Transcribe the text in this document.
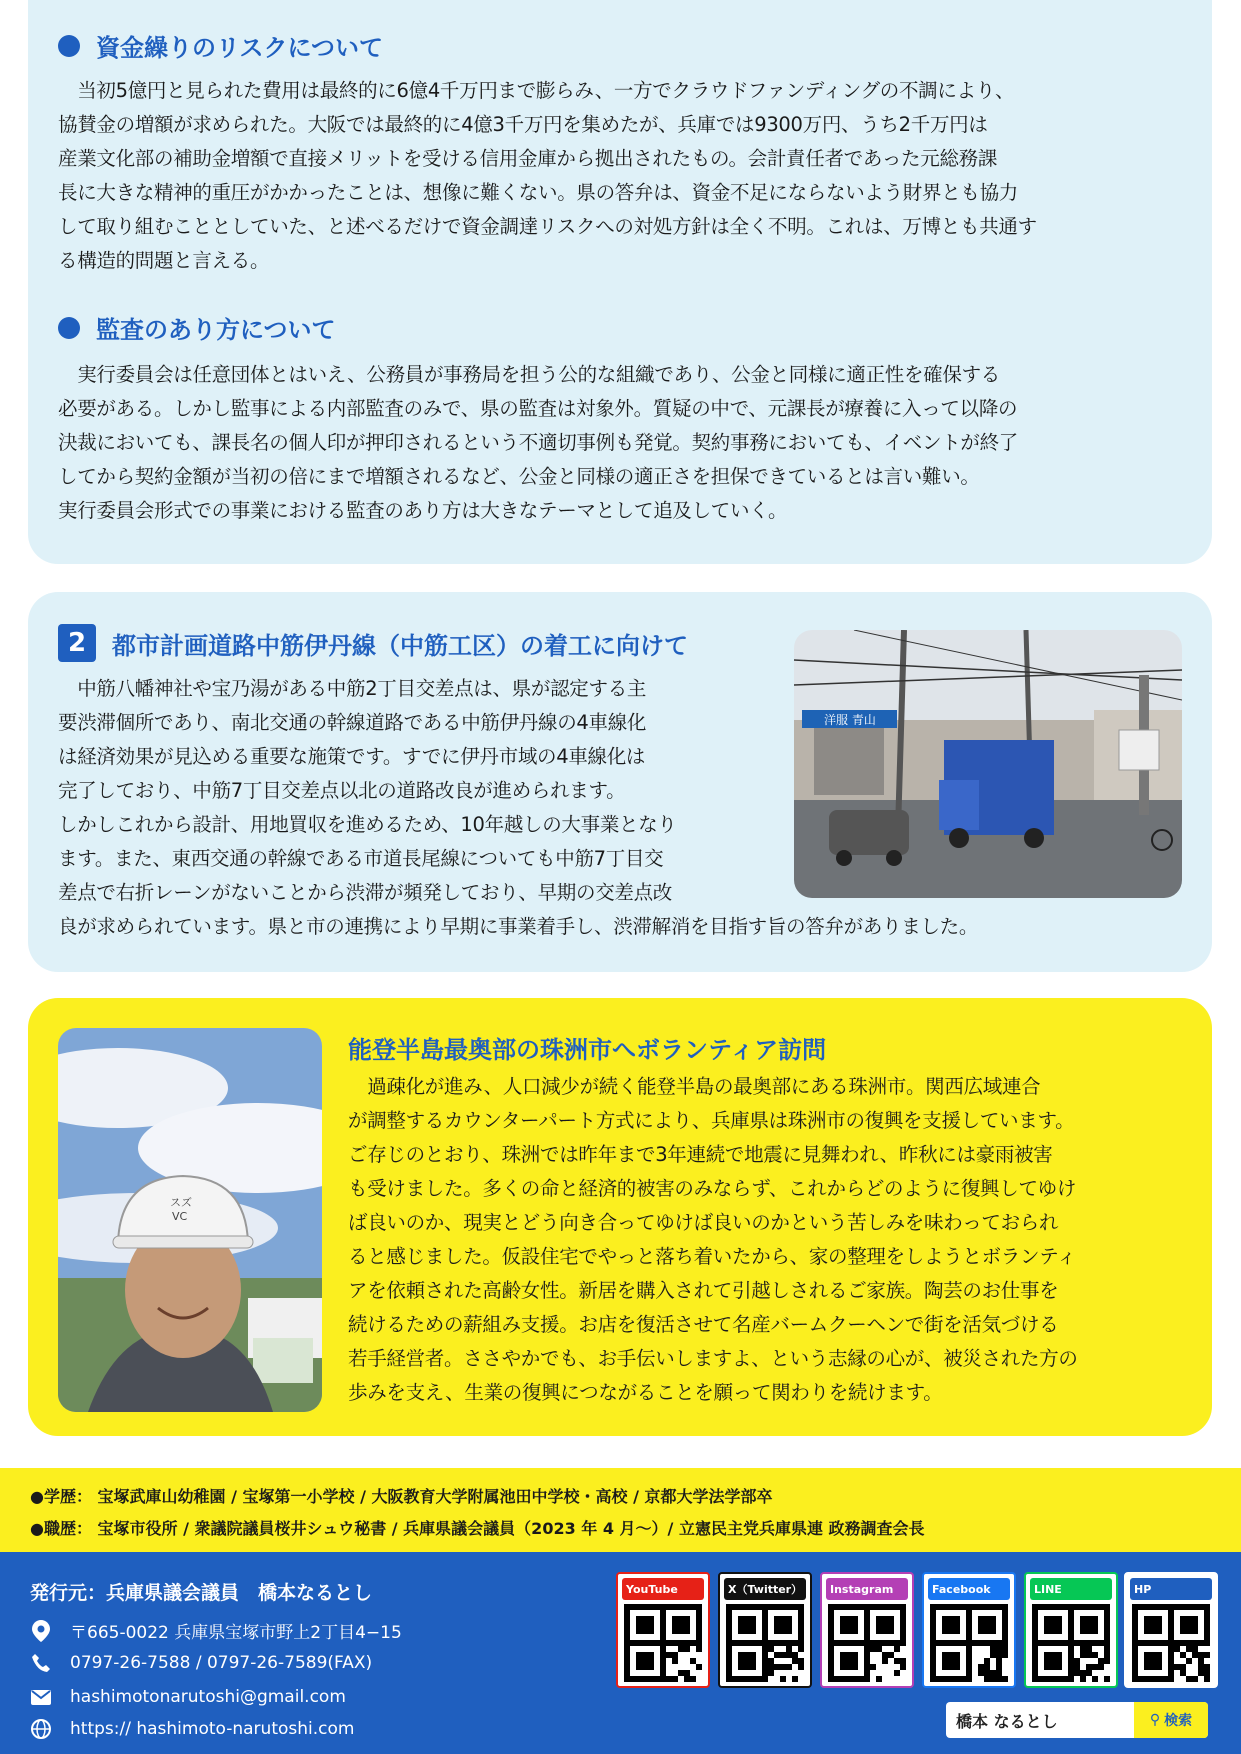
資金繰りのリスクについて

　当初5億円と見られた費用は最終的に6億4千万円まで膨らみ、一方でクラウドファンディングの不調により、
協賛金の増額が求められた。大阪では最終的に4億3千万円を集めたが、兵庫では9300万円、うち2千万円は
産業文化部の補助金増額で直接メリットを受ける信用金庫から拠出されたもの。会計責任者であった元総務課
長に大きな精神的重圧がかかったことは、想像に難くない。県の答弁は、資金不足にならないよう財界とも協力
して取り組むこととしていた、と述べるだけで資金調達リスクへの対処方針は全く不明。これは、万博とも共通す
る構造的問題と言える。

監査のあり方について

　実行委員会は任意団体とはいえ、公務員が事務局を担う公的な組織であり、公金と同様に適正性を確保する
必要がある。しかし監事による内部監査のみで、県の監査は対象外。質疑の中で、元課長が療養に入って以降の
決裁においても、課長名の個人印が押印されるという不適切事例も発覚。契約事務においても、イベントが終了
してから契約金額が当初の倍にまで増額されるなど、公金と同様の適正さを担保できているとは言い難い。
実行委員会形式での事業における監査のあり方は大きなテーマとして追及していく。

2	都市計画道路中筋伊丹線（中筋工区）の着工に向けて

　中筋八幡神社や宝乃湯がある中筋2丁目交差点は、県が認定する主
要渋滞個所であり、南北交通の幹線道路である中筋伊丹線の4車線化
は経済効果が見込める重要な施策です。すでに伊丹市域の4車線化は
完了しており、中筋7丁目交差点以北の道路改良が進められます。
しかしこれから設計、用地買収を進めるため、10年越しの大事業となり
ます。また、東西交通の幹線である市道長尾線についても中筋7丁目交
差点で右折レーンがないことから渋滞が頻発しており、早期の交差点改
良が求められています。県と市の連携により早期に事業着手し、渋滞解消を目指す旨の答弁がありました。

洋服 青山
スズ
VC
能登半島最奥部の珠洲市へボランティア訪問

　過疎化が進み、人口減少が続く能登半島の最奥部にある珠洲市。関西広域連合
が調整するカウンターパート方式により、兵庫県は珠洲市の復興を支援しています。
ご存じのとおり、珠洲では昨年まで3年連続で地震に見舞われ、昨秋には豪雨被害
も受けました。多くの命と経済的被害のみならず、これからどのように復興してゆけ
ば良いのか、現実とどう向き合ってゆけば良いのかという苦しみを味わっておられ
ると感じました。仮設住宅でやっと落ち着いたから、家の整理をしようとボランティ
アを依頼された高齢女性。新居を購入されて引越しされるご家族。陶芸のお仕事を
続けるための薪組み支援。お店を復活させて名産バームクーヘンで街を活気づける
若手経営者。ささやかでも、お手伝いしますよ、という志縁の心が、被災された方の
歩みを支え、生業の復興につながることを願って関わりを続けます。

●学歴： 宝塚武庫山幼稚園 / 宝塚第一小学校 / 大阪教育大学附属池田中学校・高校 / 京都大学法学部卒
●職歴： 宝塚市役所 / 衆議院議員桜井シュウ秘書 / 兵庫県議会議員（2023 年 4 月～）/ 立憲民主党兵庫県連 政務調査会長
発行元：兵庫県議会議員　橋本なるとし
〒665-0022 兵庫県宝塚市野上2丁目4−15
0797-26-7588 / 0797-26-7589(FAX)
hashimotonarutoshi@gmail.com
https:// hashimoto-narutoshi.com
YouTube	X（Twitter）	Instagram	Facebook	LINE	HP
橋本 なるとし	⚲ 検索
